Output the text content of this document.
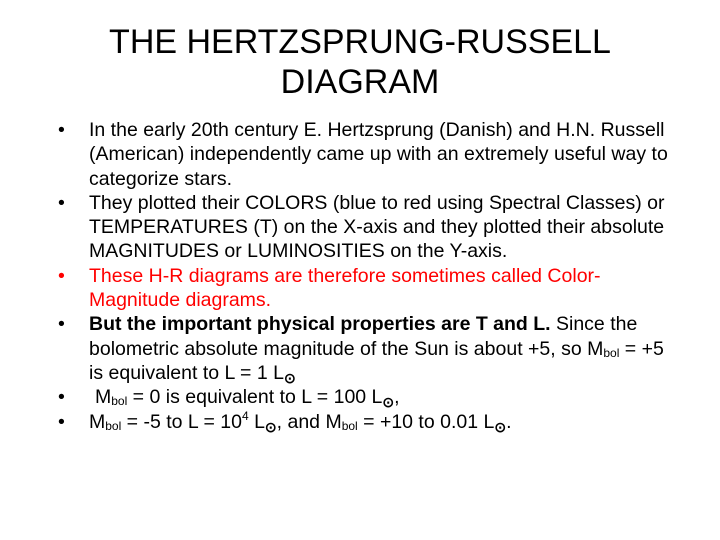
THE HERTZSPRUNG-RUSSELL
DIAGRAM
•	In the early 20th century E. Hertzsprung (Danish) and H.N. Russell (American) independently came up with an extremely useful way to categorize stars.
•	They plotted their COLORS (blue to red using Spectral Classes) or TEMPERATURES (T) on the X-axis and they plotted their absolute MAGNITUDES or LUMINOSITIES on the Y-axis.
•	These H-R diagrams are therefore sometimes called Color-Magnitude diagrams.
•	But the important physical properties are T and L. Since the bolometric absolute magnitude of the Sun is about +5, so Mbol = +5 is equivalent to L = 1 L⊙
•	Mbol = 0 is equivalent to L = 100 L⊙,
•	Mbol = -5 to $L = 10^4$ L⊙, and Mbol = +10 to 0.01 L⊙.
